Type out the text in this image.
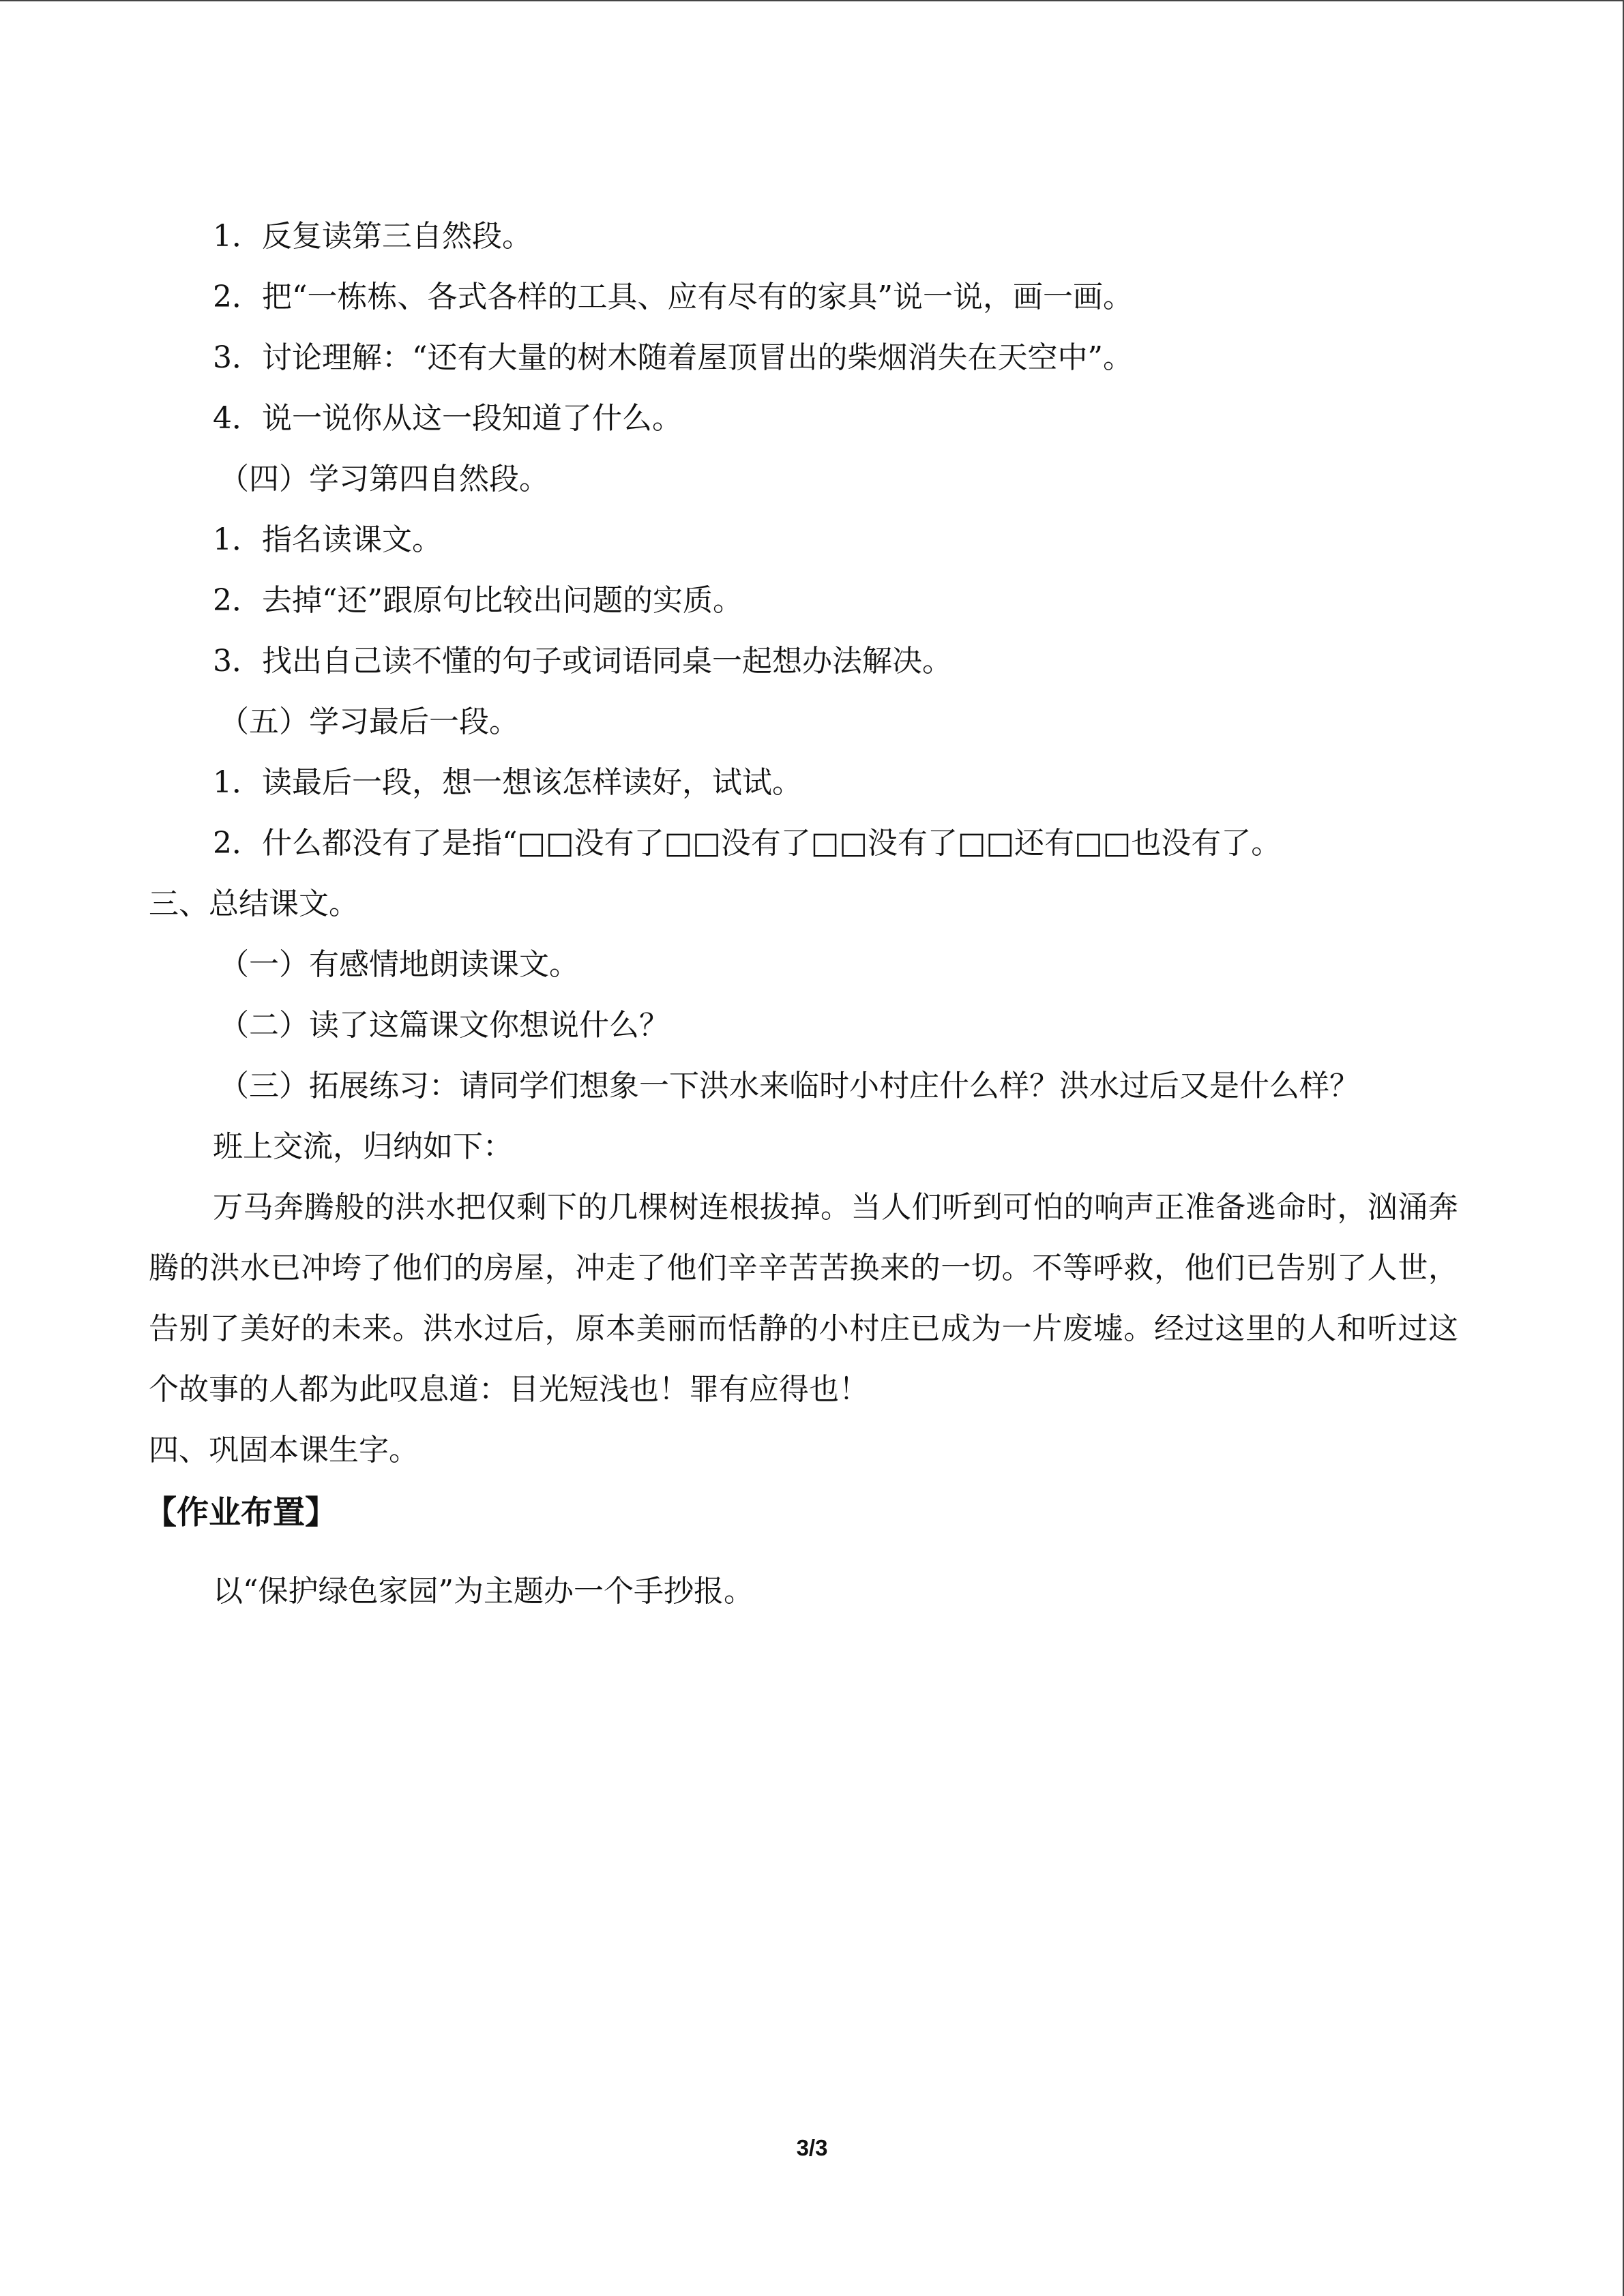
1．反复读第三自然段。
2．把“一栋栋、各式各样的工具、应有尽有的家具”说一说，画一画。
3．讨论理解：“还有大量的树木随着屋顶冒出的柴烟消失在天空中”。
4．说一说你从这一段知道了什么。
（四）学习第四自然段。
1．指名读课文。
2．去掉“还”跟原句比较出问题的实质。
3．找出自己读不懂的句子或词语同桌一起想办法解决。
（五）学习最后一段。
1．读最后一段，想一想该怎样读好，试试。
2．什么都没有了是指“□□没有了□□没有了□□没有了□□还有□□也没有了。
三、总结课文。
（一）有感情地朗读课文。
（二）读了这篇课文你想说什么？
（三）拓展练习：请同学们想象一下洪水来临时小村庄什么样？洪水过后又是什么样？
班上交流，归纳如下：

万马奔腾般的洪水把仅剩下的几棵树连根拔掉。当人们听到可怕的响声正准备逃命时，汹涌奔腾的洪水已冲垮了他们的房屋，冲走了他们辛辛苦苦换来的一切。不等呼救，他们已告别了人世，告别了美好的未来。洪水过后，原本美丽而恬静的小村庄已成为一片废墟。经过这里的人和听过这个故事的人都为此叹息道：目光短浅也！罪有应得也！

四、巩固本课生字。
【作业布置】
以“保护绿色家园”为主题办一个手抄报。
3/3
